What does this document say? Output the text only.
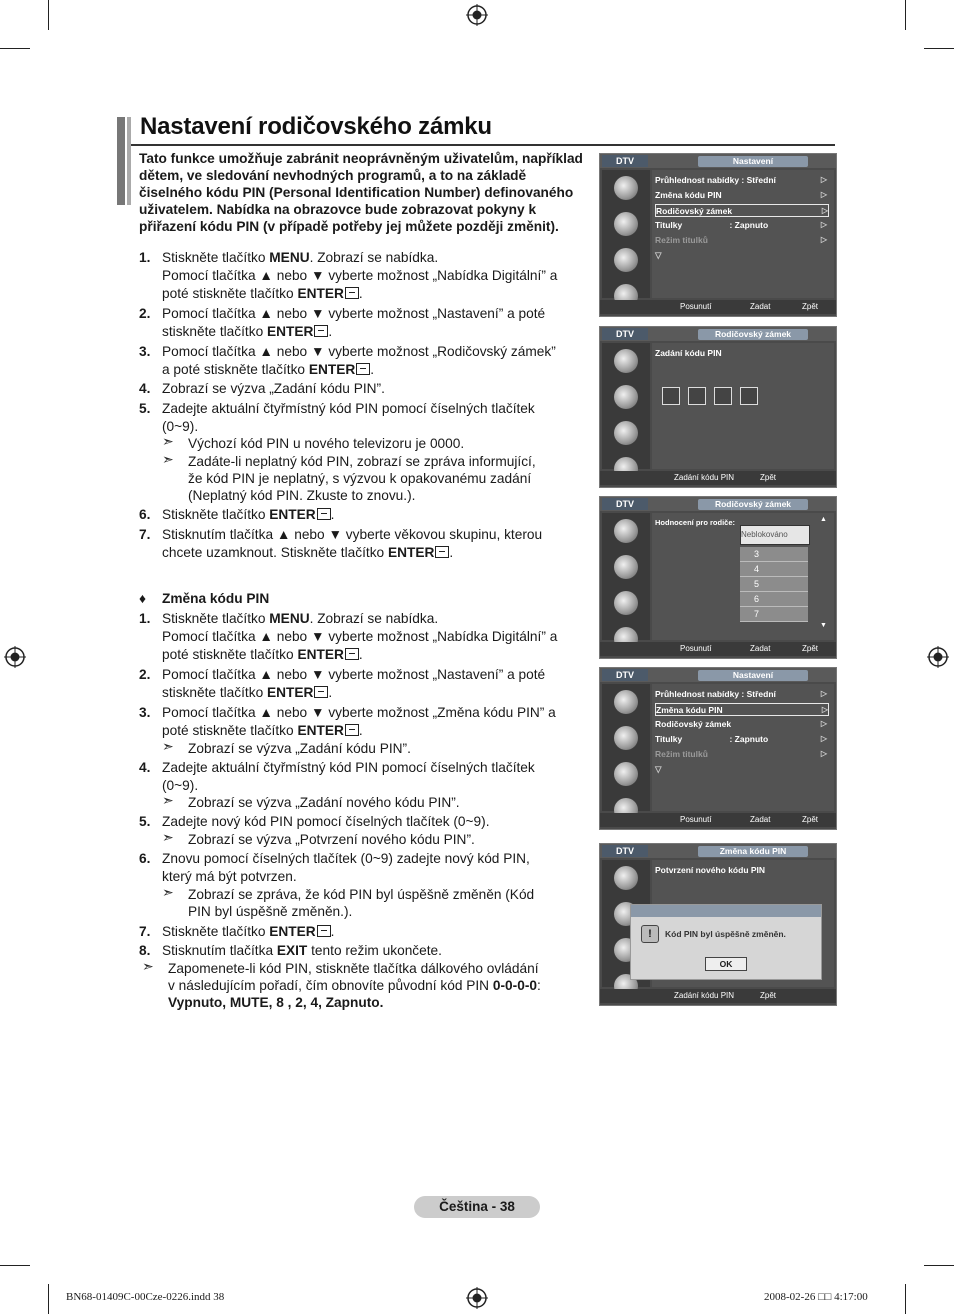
Nastavení rodičovského zámku
Tato funkce umožňuje zabránit neoprávněným uživatelům, například dětem, ve sledování nevhodných programů, a to na základě čiselného kódu PIN (Personal Identification Number) definovaného uživatelem. Nabídka na obrazovce bude zobrazovat pokyny k přiřazení kódu PIN (v případě potřeby jej můžete později změnit).
1. Stiskněte tlačítko MENU. Zobrazí se nabídka.
Pomocí tlačítka ▲ nebo ▼ vyberte možnost „Nabídka Digitální” a
poté stiskněte tlačítko ENTER .
2. Pomocí tlačítka ▲ nebo ▼ vyberte možnost „Nastavení” a poté
stiskněte tlačítko ENTER .
3. Pomocí tlačítka ▲ nebo ▼ vyberte možnost „Rodičovský zámek”
a poté stiskněte tlačítko ENTER .
4. Zobrazí se výzva „Zadání kódu PIN”.
5. Zadejte aktuální čtyřmístný kód PIN pomocí číselných tlačítek
(0~9).
6. Stiskněte tlačítko ENTER .
7. Stisknutím tlačítka ▲ nebo ▼ vyberte věkovou skupinu, kterou
chcete uzamknout. Stiskněte tlačítko ENTER .
➣ Výchozí kód PIN u nového televizoru je 0000.
➣ Zadáte-li neplatný kód PIN, zobrazí se zpráva informující,
že kód PIN je neplatný, s výzvou k opakovanému zadání
(Neplatný kód PIN. Zkuste to znovu.).
♦ Změna kódu PIN
1. Stiskněte tlačítko MENU. Zobrazí se nabídka.
Pomocí tlačítka ▲ nebo ▼ vyberte možnost „Nabídka Digitální” a
poté stiskněte tlačítko ENTER .
2. Pomocí tlačítka ▲ nebo ▼ vyberte možnost „Nastavení” a poté
stiskněte tlačítko ENTER .
3. Pomocí tlačítka ▲ nebo ▼ vyberte možnost „Změna kódu PIN” a
poté stiskněte tlačítko ENTER .
4. Zadejte aktuální čtyřmístný kód PIN pomocí číselných tlačítek
(0~9).
5. Zadejte nový kód PIN pomocí číselných tlačítek (0~9).
6. Znovu pomocí číselných tlačítek (0~9) zadejte nový kód PIN,
který má být potvrzen.
7. Stiskněte tlačítko ENTER .
8. Stisknutím tlačítka EXIT tento režim ukončete.
➣ Zobrazí se výzva „Zadání kódu PIN”.
➣ Zobrazí se výzva „Zadání nového kódu PIN”.
➣ Zobrazí se výzva „Potvrzení nového kódu PIN”.
➣ Zobrazí se zpráva, že kód PIN byl úspěšně změněn (Kód
PIN byl úspěšně změněn.).
➣ Zapomenete-li kód PIN, stiskněte tlačítka dálkového ovládání
v následujícím pořadí, čím obnovíte původní kód PIN 0-0-0-0:
Vypnuto, MUTE, 8 , 2, 4, Zapnuto.
DTV	Nastavení
Průhlednost nabídky : Střední	▷
Změna kódu PIN	▷
Rodičovský zámek	▷
Titulky                    : Zapnuto	▷
Režim titulků	▷
▽
Posunutí	Zadat	Zpět
DTV	Rodičovský zámek
Zadání kódu PIN
Zadání kódu PIN	Zpět
DTV	Rodičovský zámek
Hodnocení pro rodiče:	▲
Neblokováno
3
4
5
6
7
▼
Posunutí	Zadat	Zpět
DTV	Nastavení
Průhlednost nabídky : Střední	▷
Změna kódu PIN	▷
Rodičovský zámek	▷
Titulky                    : Zapnuto	▷
Režim titulků	▷
▽
Posunutí	Zadat	Zpět
DTV	Změna kódu PIN
Potvrzení nového kódu PIN
Zadání kódu PIN	Zpět
!	Kód PIN byl úspěšně změněn.
OK
Čeština - 38
BN68-01409C-00Cze-0226.indd 38	2008-02-26 □□ 4:17:00
